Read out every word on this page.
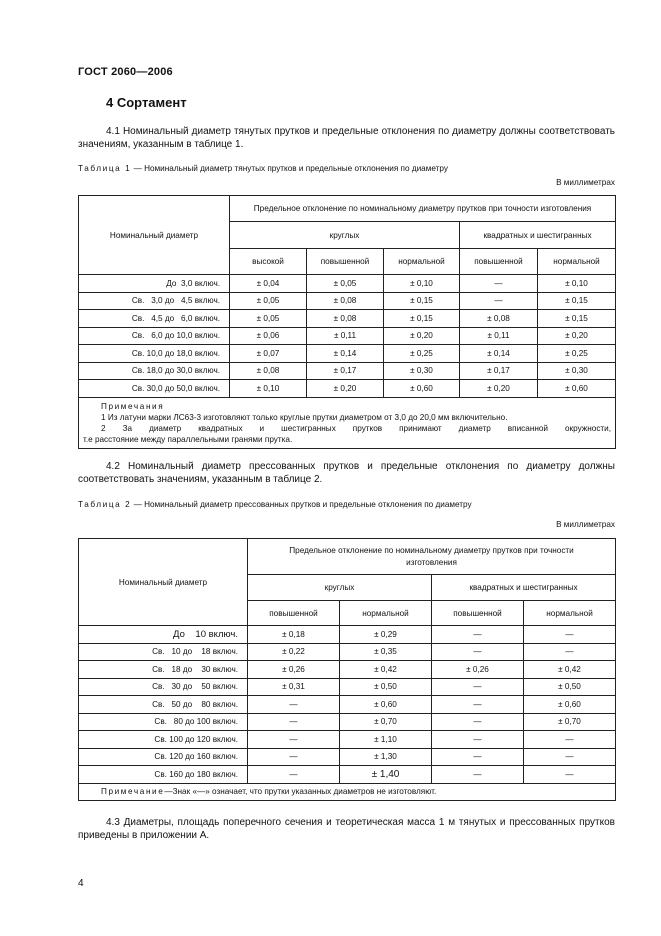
ГОСТ 2060—2006
4 Сортамент
4.1 Номинальный диаметр тянутых прутков и предельные отклонения по диаметру должны соответствовать значениям, указанным в таблице 1.
Таблица 1 — Номинальный диаметр тянутых прутков и предельные отклонения по диаметру
В миллиметрах
Номинальный диаметр	Предельное отклонение по номинальному диаметру прутков при точности изготовления				
	круглых			квадратных и шестигранных	
	высокой	повышенной	нормальной	повышенной	нормальной
До  3,0 включ.	± 0,04	± 0,05	± 0,10	—	± 0,10
Св.   3,0 до   4,5 включ.	± 0,05	± 0,08	± 0,15	—	± 0,15
Св.   4,5 до   6,0 включ.	± 0,05	± 0,08	± 0,15	± 0,08	± 0,15
Св.   6,0 до 10,0 включ.	± 0,06	± 0,11	± 0,20	± 0,11	± 0,20
Св. 10,0 до 18,0 включ.	± 0,07	± 0,14	± 0,25	± 0,14	± 0,25
Св. 18,0 до 30,0 включ.	± 0,08	± 0,17	± 0,30	± 0,17	± 0,30
Св. 30,0 до 50,0 включ.	± 0,10	± 0,20	± 0,60	± 0,20	± 0,60

Примечания
1 Из латуни марки ЛС63-3 изготовляют только круглые прутки диаметром от 3,0 до 20,0 мм включительно.
2 За диаметр квадратных и шестигранных прутков принимают диаметр вписанной окружности,
т.е расстояние между параллельными гранями прутка.					
4.2 Номинальный диаметр прессованных прутков и предельные отклонения по диаметру должны соответствовать значениям, указанным в таблице 2.
Таблица 2 — Номинальный диаметр прессованных прутков и предельные отклонения по диаметру
В миллиметрах
Номинальный диаметр	Предельное отклонение по номинальному диаметру прутков при точности изготовления			
	круглых		квадратных и шестигранных	
	повышенной	нормальной	повышенной	нормальной
До    10 включ.	± 0,18	± 0,29	—	—
Св.   10 до    18 включ.	± 0,22	± 0,35	—	—
Св.   18 до    30 включ.	± 0,26	± 0,42	± 0,26	± 0,42
Св.   30 до    50 включ.	± 0,31	± 0,50	—	± 0,50
Св.   50 до    80 включ.	—	± 0,60	—	± 0,60
Св.   80 до 100 включ.	—	± 0,70	—	± 0,70
Св. 100 до 120 включ.	—	± 1,10	—	—
Св. 120 до 160 включ.	—	± 1,30	—	—
Св. 160 до 180 включ.	—	± 1,40	—	—
Примечание—Знак «—» означает, что прутки указанных диаметров не изготовляют.				
4.3 Диаметры, площадь поперечного сечения и теоретическая масса 1 м тянутых и прессованных прутков приведены в приложении А.
4
